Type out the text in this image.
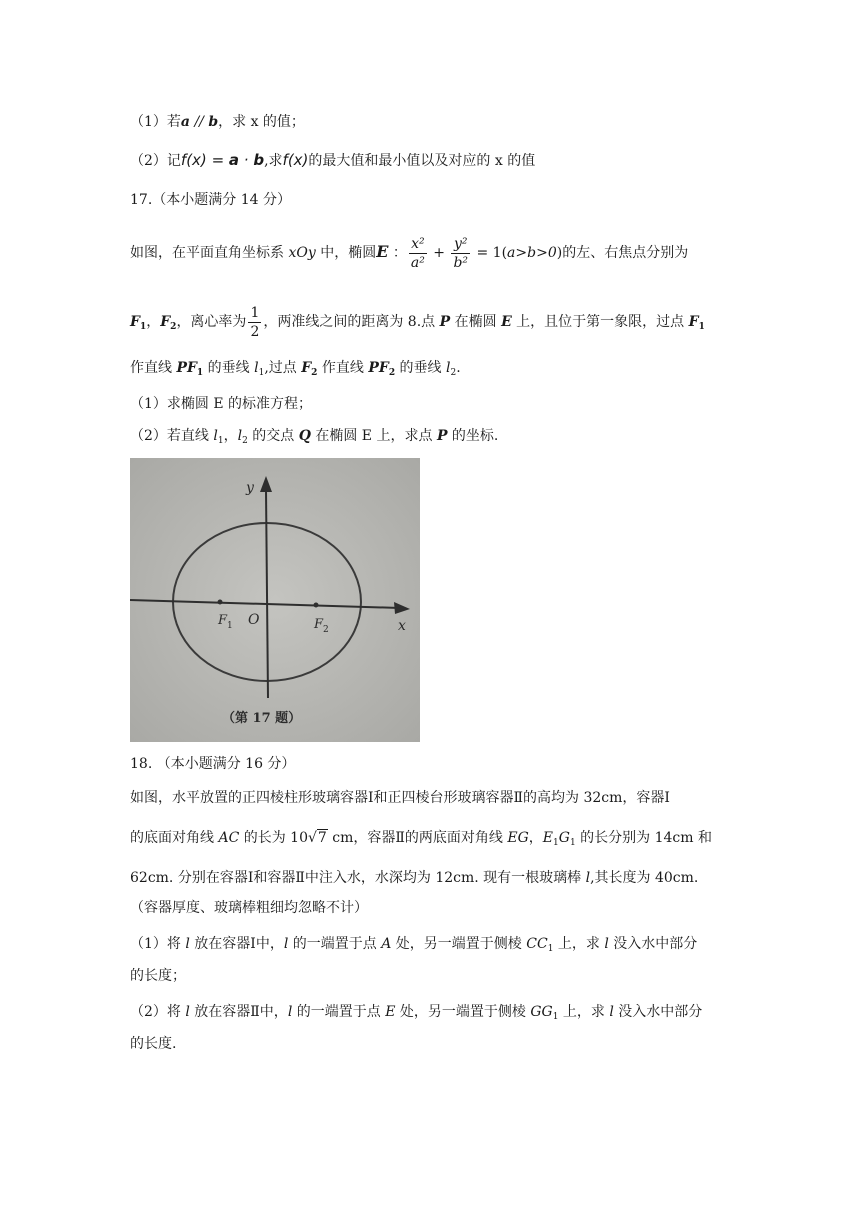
（1）若a // b，求 x 的值；
（2）记f(x) = a · b,求f(x)的最大值和最小值以及对应的 x 的值
17.（本小题满分 14 分）
如图，在平面直角坐标系 xOy 中，椭圆E ： $\frac{\text{x²}}{\text{a²}} + \frac{\text{y²}}{\text{b²}} = 1(a>b>0)$的左、右焦点分别为
$F_1$，$F_2$，离心率为 $\frac{1}{2}$ ，两准线之间的距离为 8.点 P 在椭圆 E 上，且位于第一象限，过点 $F_1$
作直线 $PF_1$ 的垂线 $l_1$,过点 $F_2$ 作直线 $PF_2$ 的垂线 $l_2$.
（1）求椭圆 E 的标准方程；
（2）若直线 $l_1$，$l_2$ 的交点 Q 在椭圆 E 上，求点 P 的坐标.
y
x
O
F 1	F 2
（第 17 题）
18. （本小题满分 16 分）
如图，水平放置的正四棱柱形玻璃容器Ⅰ和正四棱台形玻璃容器Ⅱ的高均为 32cm，容器Ⅰ
的底面对角线 AC 的长为 10√7 cm，容器Ⅱ的两底面对角线 EG，$E_1G_1$ 的长分别为 14cm 和
62cm. 分别在容器Ⅰ和容器Ⅱ中注入水，水深均为 12cm. 现有一根玻璃棒 l,其长度为 40cm.
（容器厚度、玻璃棒粗细均忽略不计）
（1）将 l 放在容器Ⅰ中，l 的一端置于点 A 处，另一端置于侧棱 $CC_1$ 上，求 l 没入水中部分
的长度；
（2）将 l 放在容器Ⅱ中，l 的一端置于点 E 处，另一端置于侧棱 $GG_1$ 上，求 l 没入水中部分
的长度.
